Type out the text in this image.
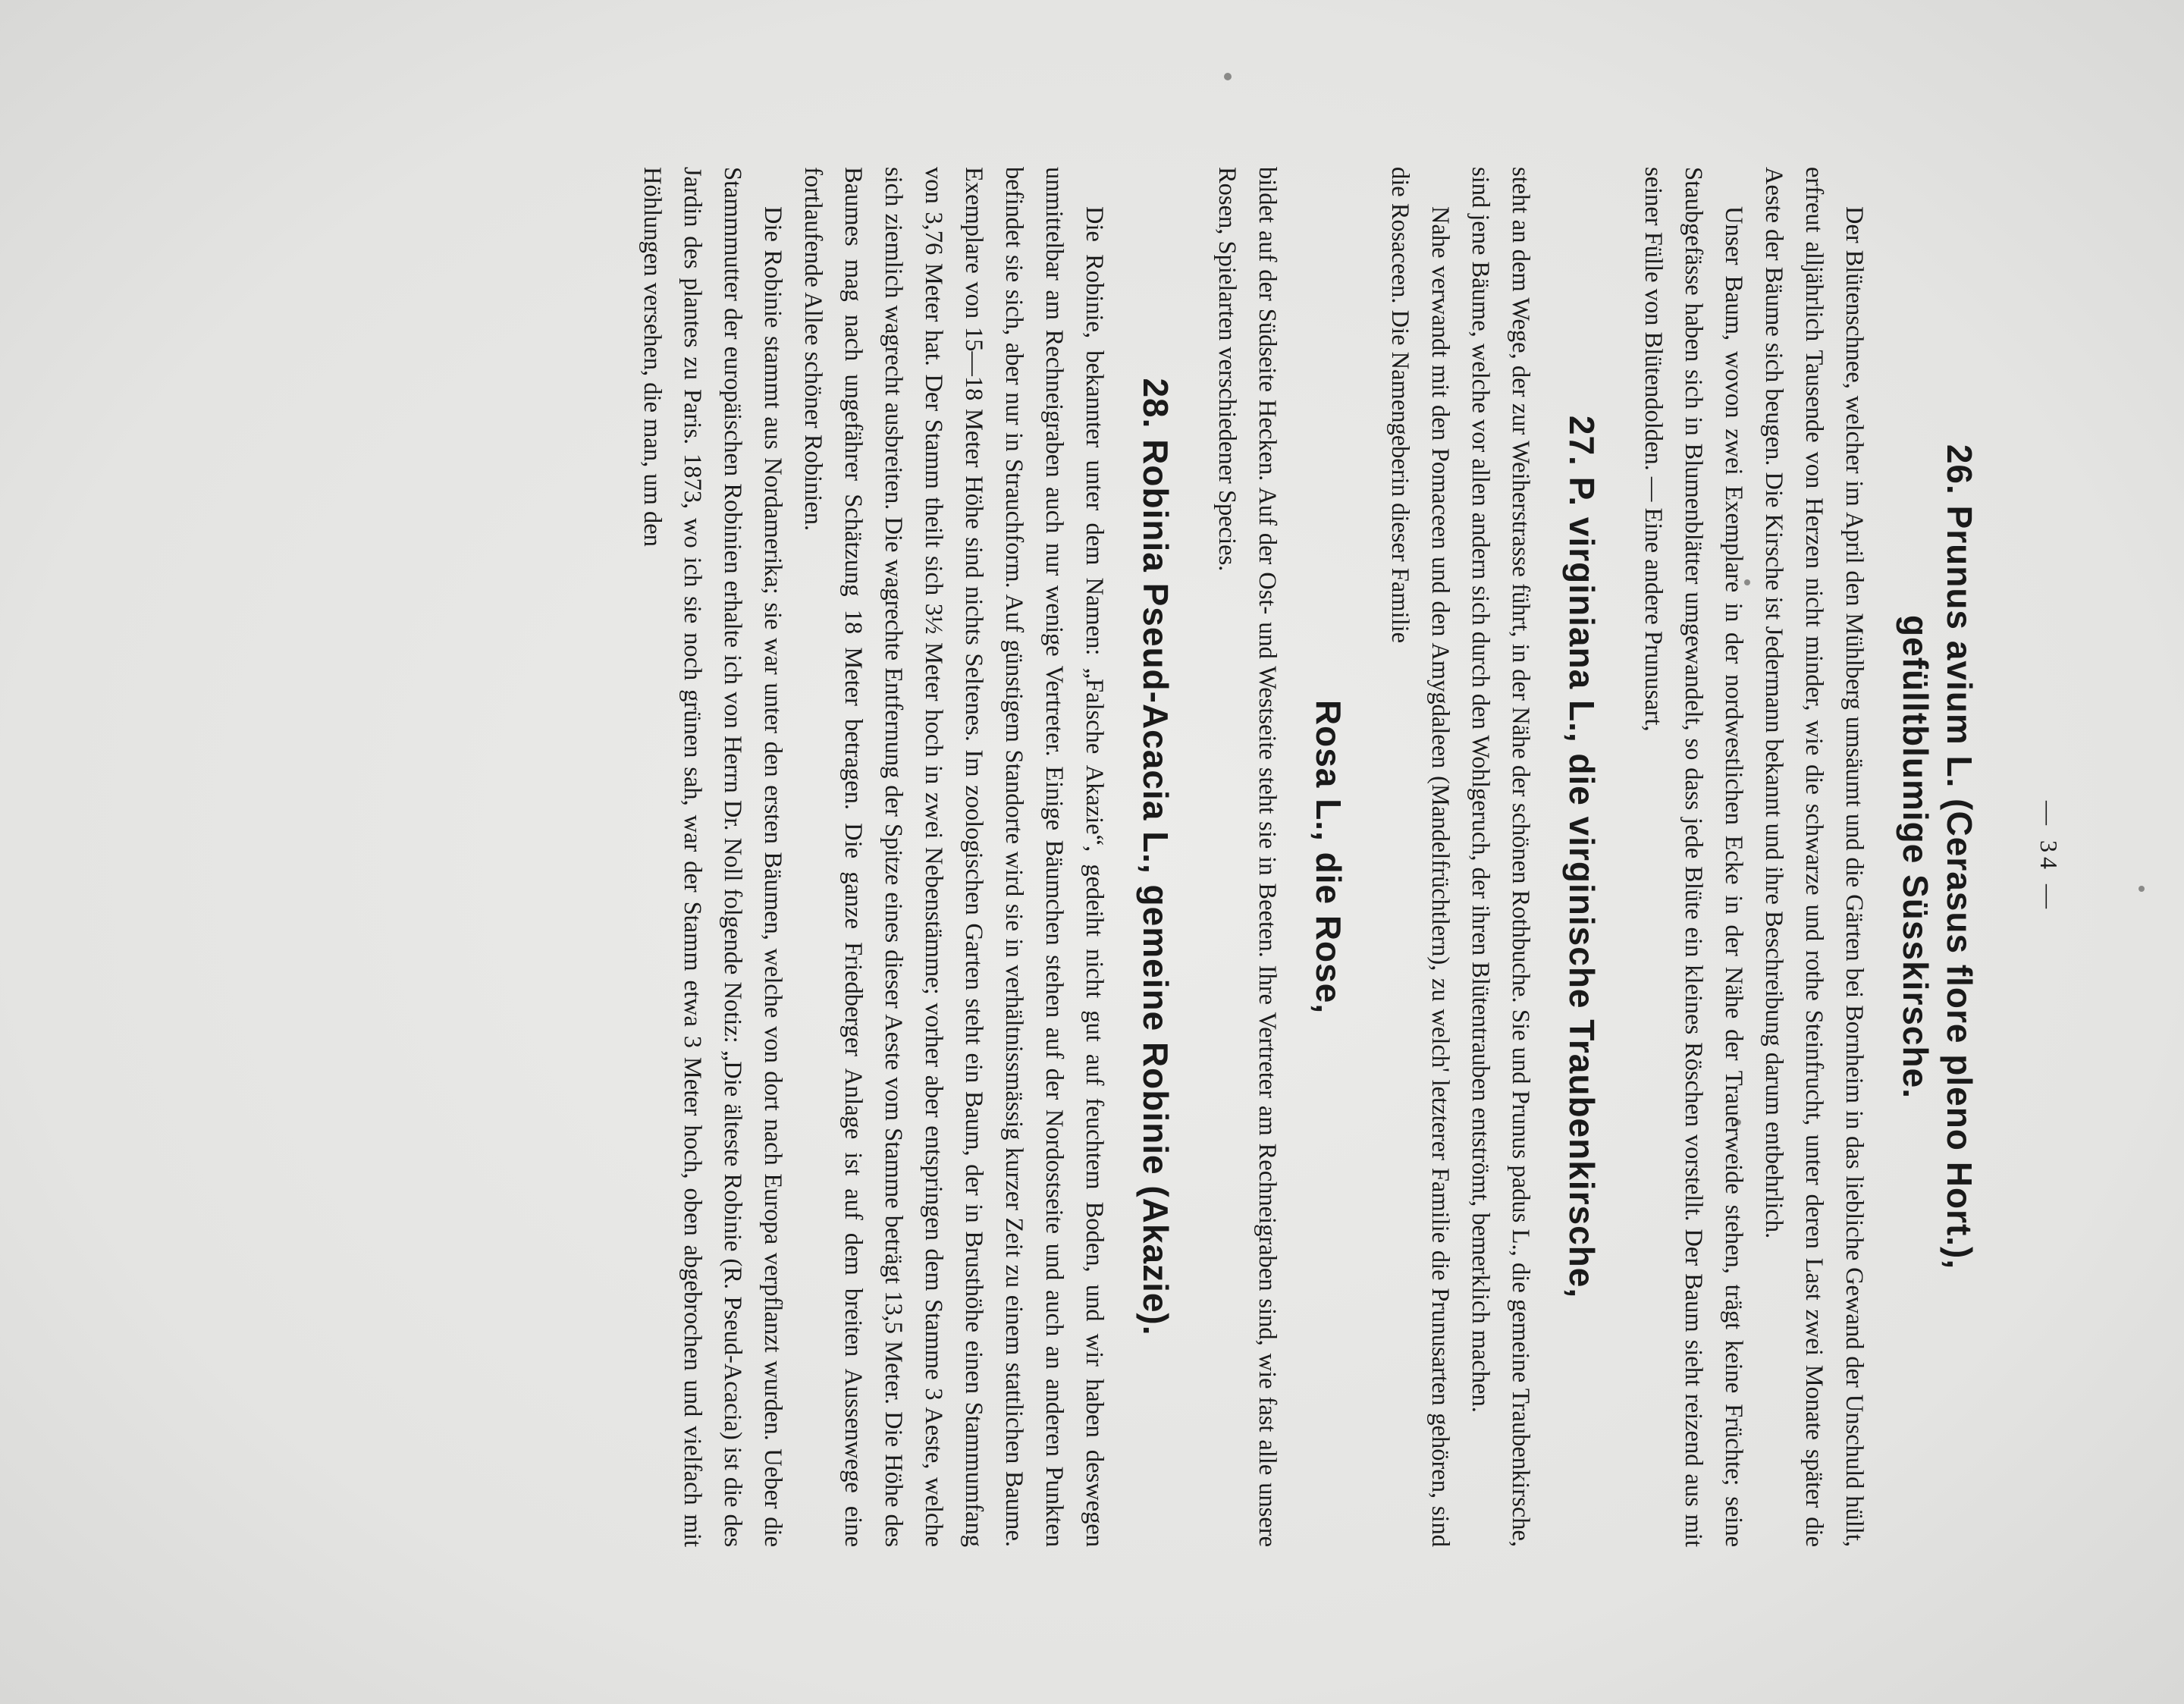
— 34 —
26. Prunus avium L. (Cerasus flore pleno Hort.),
gefülltblumige Süsskirsche.

Der Blütenschnee, welcher im April den Mühlberg umsäumt und die Gärten bei Bornheim in das liebliche Gewand der Unschuld hüllt, erfreut alljährlich Tausende von Herzen nicht minder, wie die schwarze und rothe Steinfrucht, unter deren Last zwei Monate später die Aeste der Bäume sich beugen. Die Kirsche ist Jedermann bekannt und ihre Beschreibung darum entbehrlich.

Unser Baum, wovon zwei Exemplare in der nordwestlichen Ecke in der Nähe der Trauerweide stehen, trägt keine Früchte; seine Staubgefässe haben sich in Blumenblätter umgewandelt, so dass jede Blüte ein kleines Röschen vorstellt. Der Baum sieht reizend aus mit seiner Fülle von Blütendolden. — Eine andere Prunusart,

27. P. virginiana L., die virginische Traubenkirsche,

steht an dem Wege, der zur Weiherstrasse führt, in der Nähe der schönen Rothbuche. Sie und Prunus padus L., die gemeine Traubenkirsche, sind jene Bäume, welche vor allen andern sich durch den Wohlgeruch, der ihren Blütentrauben entströmt, bemerklich machen.

Nahe verwandt mit den Pomaceen und den Amygdaleen (Mandelfrüchtlern), zu welch' letzterer Familie die Prunusarten gehören, sind die Rosaceen. Die Namengeberin dieser Familie

Rosa L., die Rose,

bildet auf der Südseite Hecken. Auf der Ost- und Westseite steht sie in Beeten. Ihre Vertreter am Rechneigraben sind, wie fast alle unsere Rosen, Spielarten verschiedener Species.

28. Robinia Pseud-Acacia L., gemeine Robinie (Akazie).

Die Robinie, bekannter unter dem Namen: „Falsche Akazie“, gedeiht nicht gut auf feuchtem Boden, und wir haben deswegen unmittelbar am Rechneigraben auch nur wenige Vertreter. Einige Bäumchen stehen auf der Nordostseite und auch an anderen Punkten befindet sie sich, aber nur in Strauchform. Auf günstigem Standorte wird sie in verhältnissmässig kurzer Zeit zu einem stattlichen Baume. Exemplare von 15—18 Meter Höhe sind nichts Seltenes. Im zoologischen Garten steht ein Baum, der in Brusthöhe einen Stammumfang von 3,76 Meter hat. Der Stamm theilt sich 3½ Meter hoch in zwei Nebenstämme; vorher aber entspringen dem Stamme 3 Aeste, welche sich ziemlich wagrecht ausbreiten. Die wagrechte Entfernung der Spitze eines dieser Aeste vom Stamme beträgt 13,5 Meter. Die Höhe des Baumes mag nach ungefährer Schätzung 18 Meter betragen. Die ganze Friedberger Anlage ist auf dem breiten Aussenwege eine fortlaufende Allee schöner Robinien.

Die Robinie stammt aus Nordamerika; sie war unter den ersten Bäumen, welche von dort nach Europa verpflanzt wurden. Ueber die Stammmutter der europäischen Robinien erhalte ich von Herrn Dr. Noll folgende Notiz: „Die älteste Robinie (R. Pseud-Acacia) ist die des Jardin des plantes zu Paris. 1873, wo ich sie noch grünen sah, war der Stamm etwa 3 Meter hoch, oben abgebrochen und vielfach mit Höhlungen versehen, die man, um den
